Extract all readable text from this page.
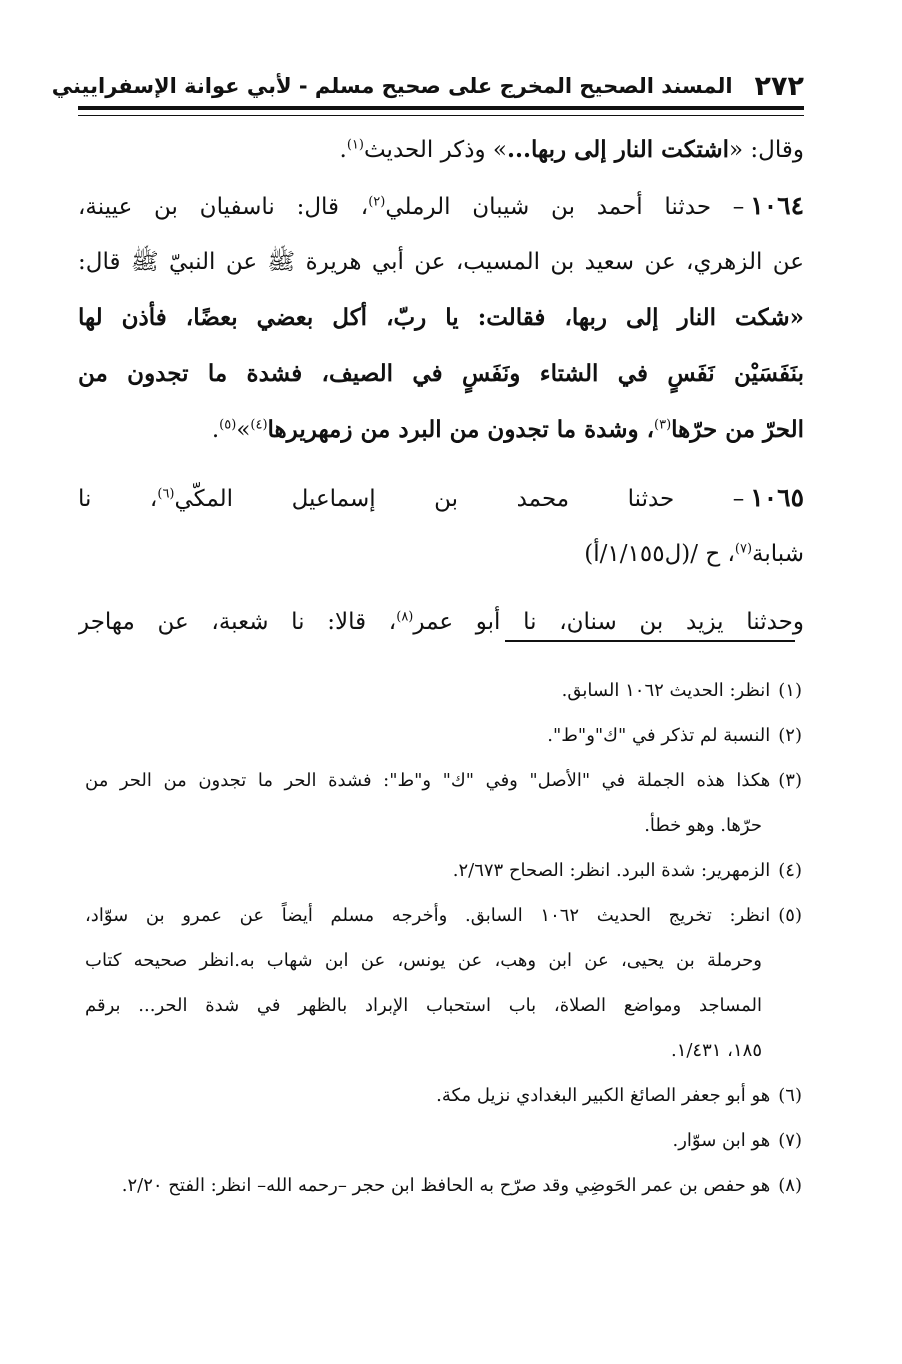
٢٧٢
المسند الصحيح المخرج على صحيح مسلم - لأبي عوانة الإسفراييني
وقال: «اشتكت النار إلى ربها...» وذكر الحديث$^{(١)}$.
١٠٦٤– حدثنا أحمد بن شيبان الرملي$^{(٢)}$، قال: ناسفيان بن عيينة،
عن الزهري، عن سعيد بن المسيب، عن أبي هريرة ﷺ عن النبيّ ﷺ قال:
«شكت النار إلى ربها، فقالت: يا ربّ، أكل بعضي بعضًا، فأذن لها
بنَفَسَيْن نَفَسٍ في الشتاء ونَفَسٍ في الصيف، فشدة ما تجدون من
الحرّ من حرّها$^{(٣)}$، وشدة ما تجدون من البرد من زمهريرها$^{(٤)}$»$^{(٥)}$.
١٠٦٥– حدثنا محمد بن إسماعيل المكّي$^{(٦)}$، نا
شبابة$^{(٧)}$، ح /(ل١/١٥٥/أ)
وحدثنا يزيد بن سنان، نا أبو عمر$^{(٨)}$، قالا: نا شعبة، عن مهاجر
(١)انظر: الحديث ١٠٦٢ السابق.
(٢)النسبة لم تذكر في "ك"و"ط".
(٣)هكذا هذه الجملة في "الأصل" وفي "ك" و"ط": فشدة الحر ما تجدون من الحر من
حرّها. وهو خطأ.
(٤)الزمهرير: شدة البرد. انظر: الصحاح ٢/٦٧٣.
(٥)انظر: تخريج الحديث ١٠٦٢ السابق. وأخرجه مسلم أيضاً عن عمرو بن سوّاد،
وحرملة بن يحيى، عن ابن وهب، عن يونس، عن ابن شهاب به.انظر صحيحه كتاب
المساجد ومواضع الصلاة، باب استحباب الإبراد بالظهر في شدة الحر... برقم
١٨٥، ١/٤٣١.
(٦)هو أبو جعفر الصائغ الكبير البغدادي نزيل مكة.
(٧)هو ابن سوّار.
(٨)هو حفص بن عمر الحَوضِي وقد صرّح به الحافظ ابن حجر –رحمه الله– انظر: الفتح ٢/٢٠.
